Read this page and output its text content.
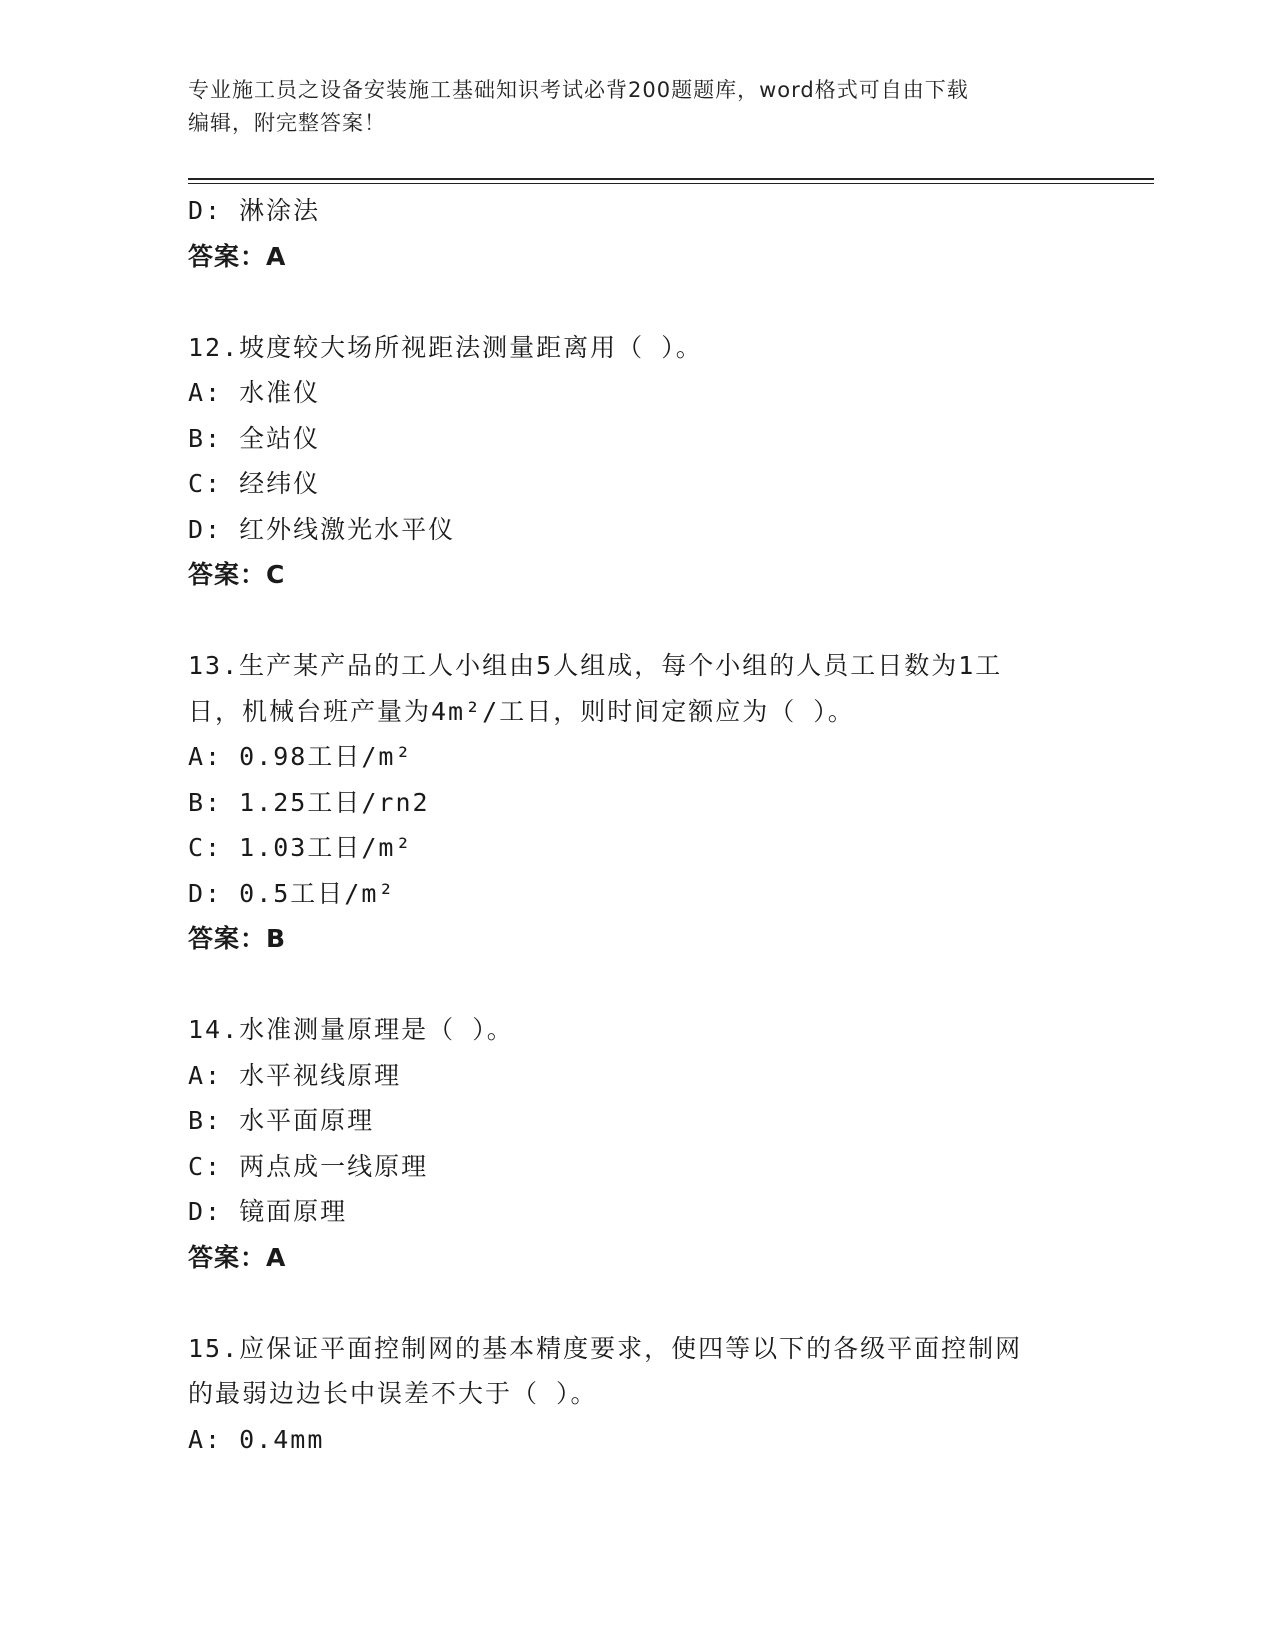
专业施工员之设备安装施工基础知识考试必背200题题库，word格式可自由下载
编辑，附完整答案！
D: 淋涂法
答案：A
12.坡度较大场所视距法测量距离用（ ）。
A: 水准仪
B: 全站仪
C: 经纬仪
D: 红外线激光水平仪
答案：C
13.生产某产品的工人小组由5人组成，每个小组的人员工日数为1工
日，机械台班产量为4m²/工日，则时间定额应为（ ）。
A: 0.98工日/m²
B: 1.25工日/rn2
C: 1.03工日/m²
D: 0.5工日/m²
答案：B
14.水准测量原理是（ ）。
A: 水平视线原理
B: 水平面原理
C: 两点成一线原理
D: 镜面原理
答案：A
15.应保证平面控制网的基本精度要求，使四等以下的各级平面控制网
的最弱边边长中误差不大于（ ）。
A: 0.4mm
